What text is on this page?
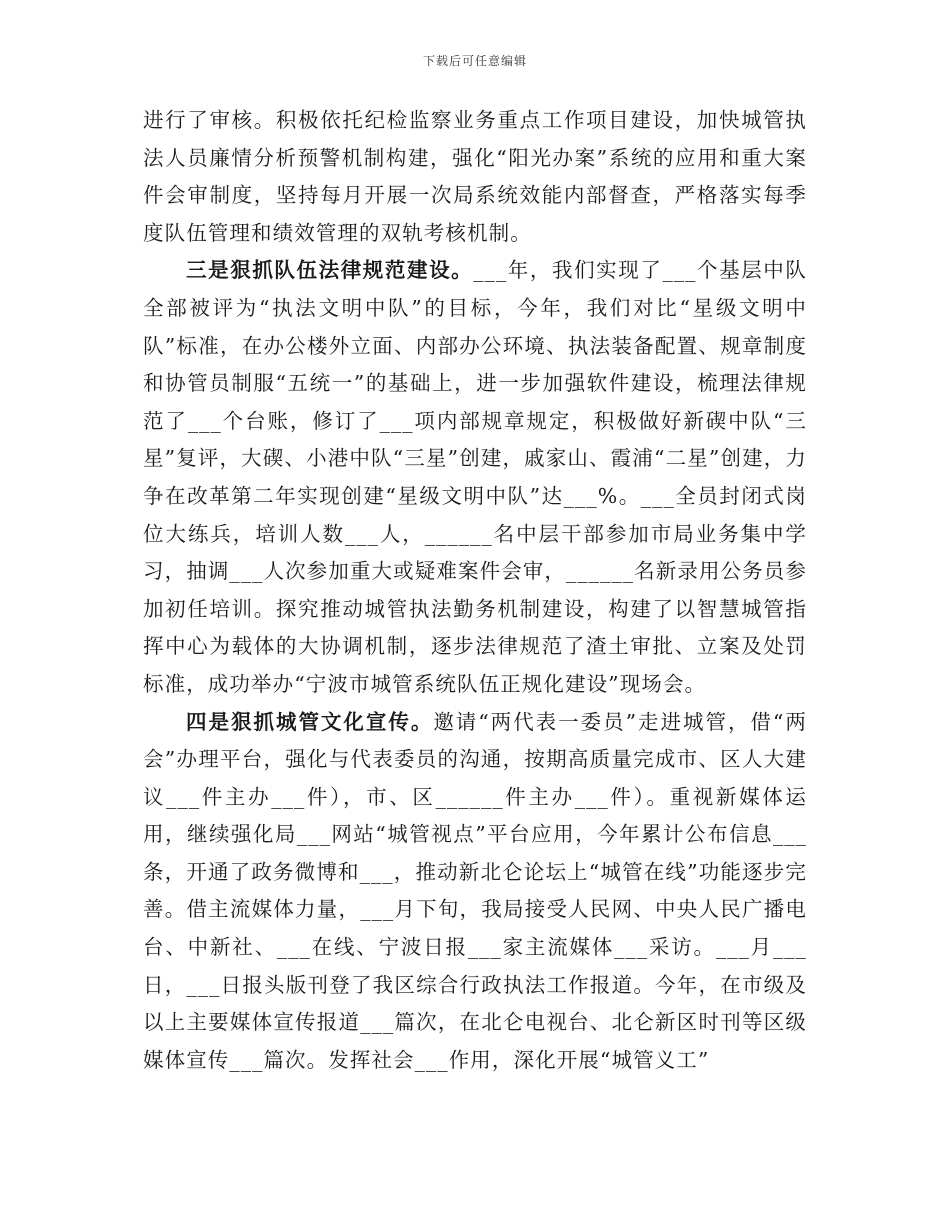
下载后可任意编辑

进行了审核。积极依托纪检监察业务重点工作项目建设，加快城管执法人员廉情分析预警机制构建，强化“阳光办案”系统的应用和重大案件会审制度，坚持每月开展一次局系统效能内部督查，严格落实每季度队伍管理和绩效管理的双轨考核机制。

三是狠抓队伍法律规范建设。___年，我们实现了___个基层中队全部被评为“执法文明中队”的目标，今年，我们对比“星级文明中队”标准，在办公楼外立面、内部办公环境、执法装备配置、规章制度和协管员制服“五统一”的基础上，进一步加强软件建设，梳理法律规范了___个台账，修订了___项内部规章规定，积极做好新碶中队“三星”复评，大碶、小港中队“三星”创建，戚家山、霞浦“二星”创建，力争在改革第二年实现创建“星级文明中队”达___%。___全员封闭式岗位大练兵，培训人数___人，______名中层干部参加市局业务集中学习，抽调___人次参加重大或疑难案件会审，______名新录用公务员参加初任培训。探究推动城管执法勤务机制建设，构建了以智慧城管指挥中心为载体的大协调机制，逐步法律规范了渣土审批、立案及处罚标准，成功举办“宁波市城管系统队伍正规化建设”现场会。

四是狠抓城管文化宣传。邀请“两代表一委员”走进城管，借“两会”办理平台，强化与代表委员的沟通，按期高质量完成市、区人大建议___件主办___件），市、区______件主办___件）。重视新媒体运用，继续强化局___网站“城管视点”平台应用，今年累计公布信息___条，开通了政务微博和___，推动新北仑论坛上“城管在线”功能逐步完善。借主流媒体力量，___月下旬，我局接受人民网、中央人民广播电台、中新社、___在线、宁波日报___家主流媒体___采访。___月___日，___日报头版刊登了我区综合行政执法工作报道。今年，在市级及以上主要媒体宣传报道___篇次，在北仑电视台、北仑新区时刊等区级媒体宣传___篇次。发挥社会___作用，深化开展“城管义工”
